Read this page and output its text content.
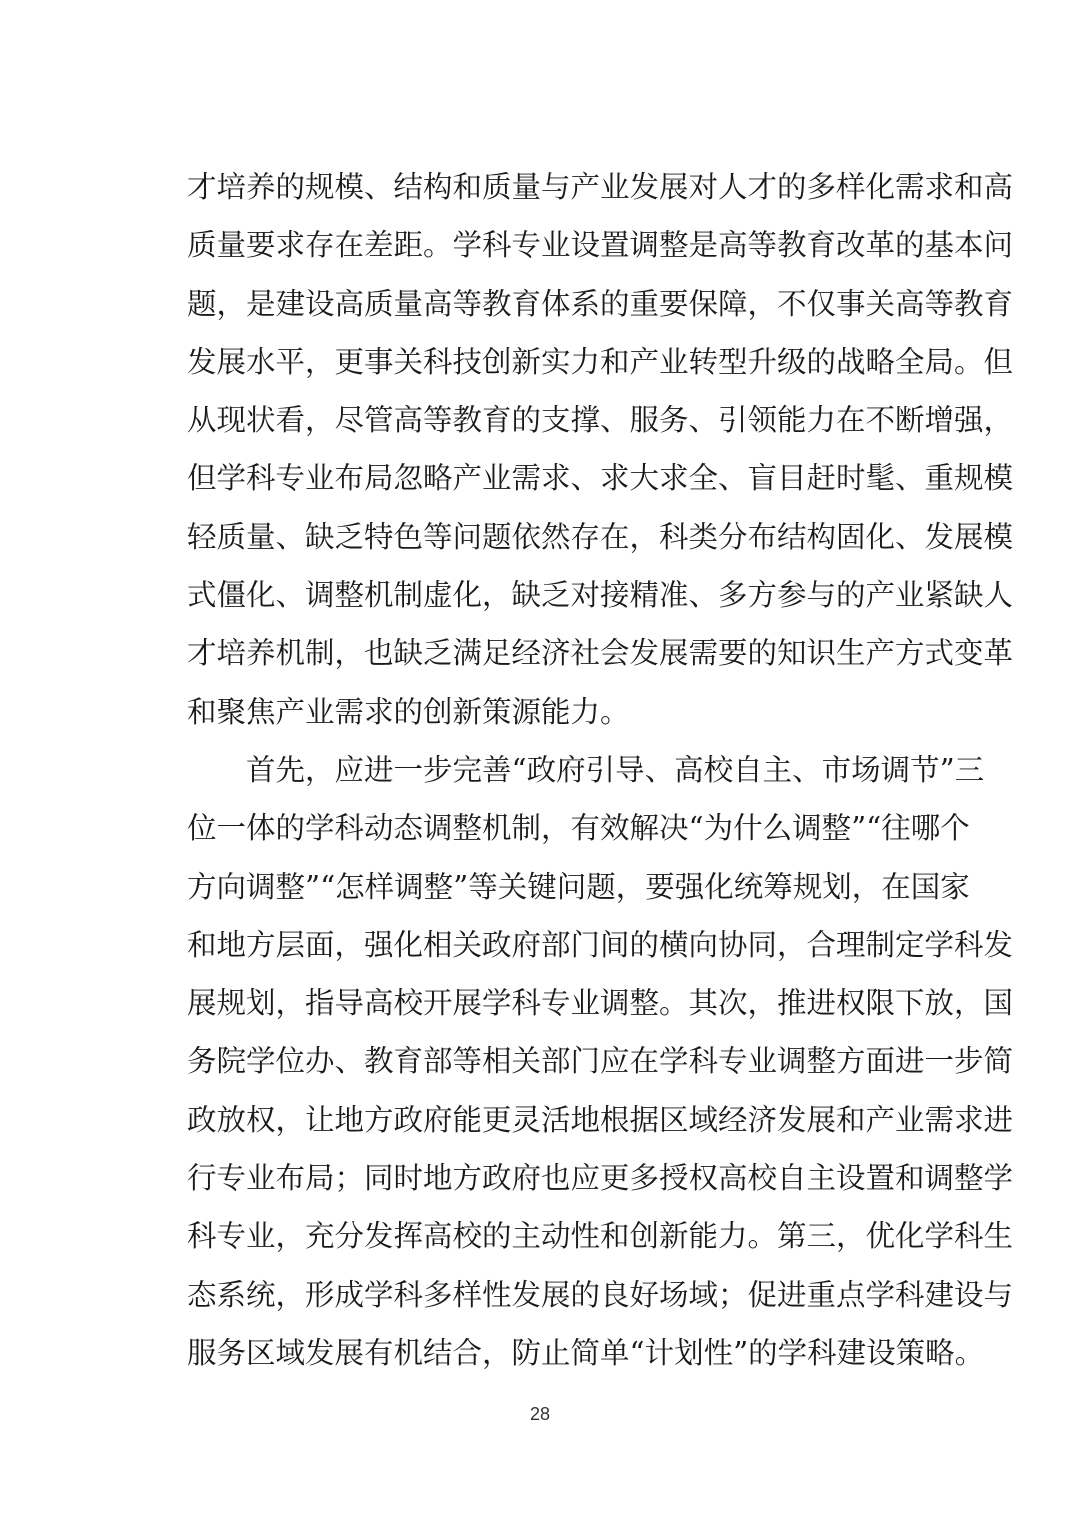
才培养的规模、结构和质量与产业发展对人才的多样化需求和高

质量要求存在差距。学科专业设置调整是高等教育改革的基本问

题，是建设高质量高等教育体系的重要保障，不仅事关高等教育

发展水平，更事关科技创新实力和产业转型升级的战略全局。但

从现状看，尽管高等教育的支撑、服务、引领能力在不断增强，

但学科专业布局忽略产业需求、求大求全、盲目赶时髦、重规模

轻质量、缺乏特色等问题依然存在，科类分布结构固化、发展模

式僵化、调整机制虚化，缺乏对接精准、多方参与的产业紧缺人

才培养机制，也缺乏满足经济社会发展需要的知识生产方式变革

和聚焦产业需求的创新策源能力。

首先，应进一步完善“政府引导、高校自主、市场调节”三

位一体的学科动态调整机制，有效解决“为什么调整”“往哪个

方向调整”“怎样调整”等关键问题，要强化统筹规划，在国家

和地方层面，强化相关政府部门间的横向协同，合理制定学科发

展规划，指导高校开展学科专业调整。其次，推进权限下放，国

务院学位办、教育部等相关部门应在学科专业调整方面进一步简

政放权，让地方政府能更灵活地根据区域经济发展和产业需求进

行专业布局；同时地方政府也应更多授权高校自主设置和调整学

科专业，充分发挥高校的主动性和创新能力。第三，优化学科生

态系统，形成学科多样性发展的良好场域；促进重点学科建设与

服务区域发展有机结合，防止简单“计划性”的学科建设策略。

28
